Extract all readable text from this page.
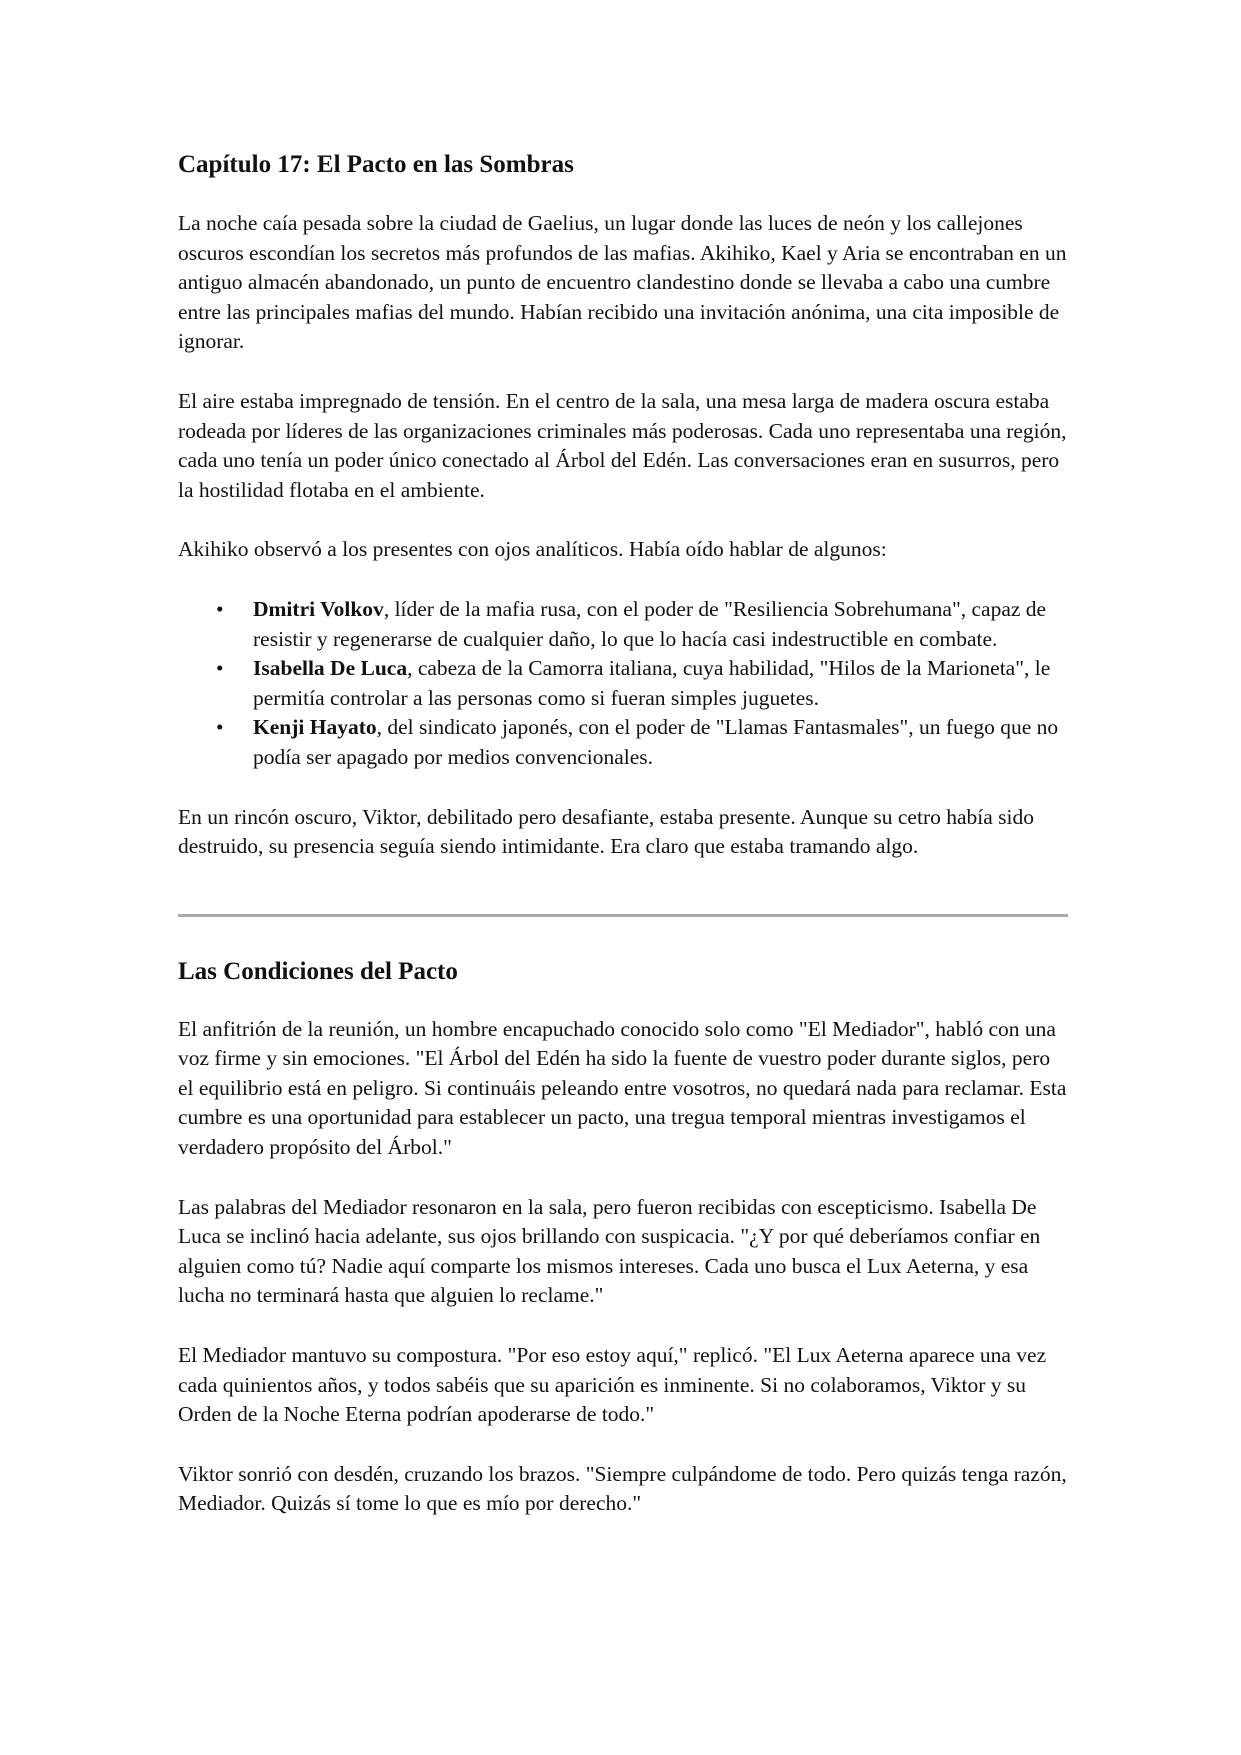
Capítulo 17: El Pacto en las Sombras

La noche caía pesada sobre la ciudad de Gaelius, un lugar donde las luces de neón y los callejones oscuros escondían los secretos más profundos de las mafias. Akihiko, Kael y Aria se encontraban en un antiguo almacén abandonado, un punto de encuentro clandestino donde se llevaba a cabo una cumbre entre las principales mafias del mundo. Habían recibido una invitación anónima, una cita imposible de ignorar.

El aire estaba impregnado de tensión. En el centro de la sala, una mesa larga de madera oscura estaba rodeada por líderes de las organizaciones criminales más poderosas. Cada uno representaba una región, cada uno tenía un poder único conectado al Árbol del Edén. Las conversaciones eran en susurros, pero la hostilidad flotaba en el ambiente.

Akihiko observó a los presentes con ojos analíticos. Había oído hablar de algunos:

• Dmitri Volkov, líder de la mafia rusa, con el poder de "Resiliencia Sobrehumana", capaz de resistir y regenerarse de cualquier daño, lo que lo hacía casi indestructible en combate.
• Isabella De Luca, cabeza de la Camorra italiana, cuya habilidad, "Hilos de la Marioneta", le permitía controlar a las personas como si fueran simples juguetes.
• Kenji Hayato, del sindicato japonés, con el poder de "Llamas Fantasmales", un fuego que no podía ser apagado por medios convencionales.

En un rincón oscuro, Viktor, debilitado pero desafiante, estaba presente. Aunque su cetro había sido destruido, su presencia seguía siendo intimidante. Era claro que estaba tramando algo.

Las Condiciones del Pacto

El anfitrión de la reunión, un hombre encapuchado conocido solo como "El Mediador", habló con una voz firme y sin emociones. "El Árbol del Edén ha sido la fuente de vuestro poder durante siglos, pero el equilibrio está en peligro. Si continuáis peleando entre vosotros, no quedará nada para reclamar. Esta cumbre es una oportunidad para establecer un pacto, una tregua temporal mientras investigamos el verdadero propósito del Árbol."

Las palabras del Mediador resonaron en la sala, pero fueron recibidas con escepticismo. Isabella De Luca se inclinó hacia adelante, sus ojos brillando con suspicacia. "¿Y por qué deberíamos confiar en alguien como tú? Nadie aquí comparte los mismos intereses. Cada uno busca el Lux Aeterna, y esa lucha no terminará hasta que alguien lo reclame."

El Mediador mantuvo su compostura. "Por eso estoy aquí," replicó. "El Lux Aeterna aparece una vez cada quinientos años, y todos sabéis que su aparición es inminente. Si no colaboramos, Viktor y su Orden de la Noche Eterna podrían apoderarse de todo."

Viktor sonrió con desdén, cruzando los brazos. "Siempre culpándome de todo. Pero quizás tenga razón, Mediador. Quizás sí tome lo que es mío por derecho."
